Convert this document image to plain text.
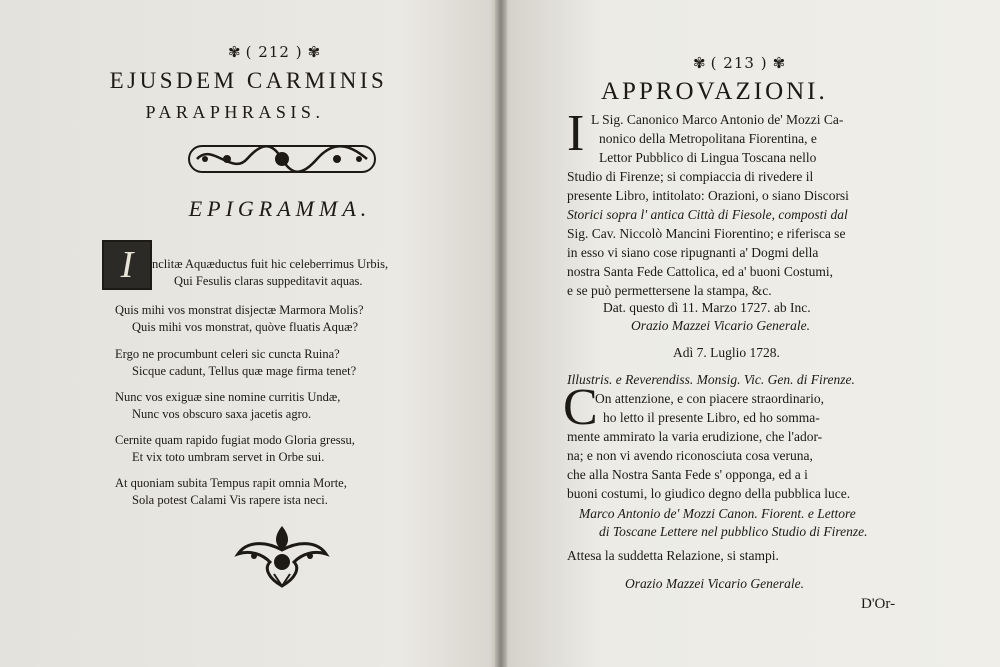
✾ ( 212 ) ✾
EJUSDEM CARMINIS
PARAPHRASIS.
EPIGRAMMA.
I	nclitæ Aquæductus fuit hic celeberrimus Urbis,
Qui Fesulis claras suppeditavit aquas.
Quis mihi vos monstrat disjectæ Marmora Molis?
Quis mihi vos monstrat, quòve fluatis Aquæ?
Ergo ne procumbunt celeri sic cuncta Ruina?
Sicque cadunt, Tellus quæ mage firma tenet?
Nunc vos exiguæ sine nomine curritis Undæ,
Nunc vos obscuro saxa jacetis agro.
Cernite quam rapido fugiat modo Gloria gressu,
Et vix toto umbram servet in Orbe sui.
At quoniam subita Tempus rapit omnia Morte,
Sola potest Calami Vis rapere ista neci.
✾ ( 213 ) ✾
APPROVAZIONI.
I L Sig. Canonico Marco Antonio de' Mozzi Ca-
nonico della Metropolitana Fiorentina, e
Lettor Pubblico di Lingua Toscana nello
Studio di Firenze; si compiaccia di rivedere il
presente Libro, intitolato: Orazioni, o siano Discorsi
Storici sopra l' antica Città di Fiesole, composti dal
Sig. Cav. Niccolò Mancini Fiorentino; e riferisca se
in esso vi siano cose ripugnanti a' Dogmi della
nostra Santa Fede Cattolica, ed a' buoni Costumi,
e se può permettersene la stampa, &c.
Dat. questo dì 11. Marzo 1727. ab Inc.
Orazio Mazzei Vicario Generale.
Adì 7. Luglio 1728.
Illustris. e Reverendiss. Monsig. Vic. Gen. di Firenze.
C
On attenzione, e con piacere straordinario,
ho letto il presente Libro, ed ho somma-
mente ammirato la varia erudizione, che l'ador-
na; e non vi avendo riconosciuta cosa veruna,
che alla Nostra Santa Fede s' opponga, ed a i
buoni costumi, lo giudico degno della pubblica luce.
Marco Antonio de' Mozzi Canon. Fiorent. e Lettore
di Toscane Lettere nel pubblico Studio di Firenze.
Attesa la suddetta Relazione, si stampi.
Orazio Mazzei Vicario Generale.
D'Or-
